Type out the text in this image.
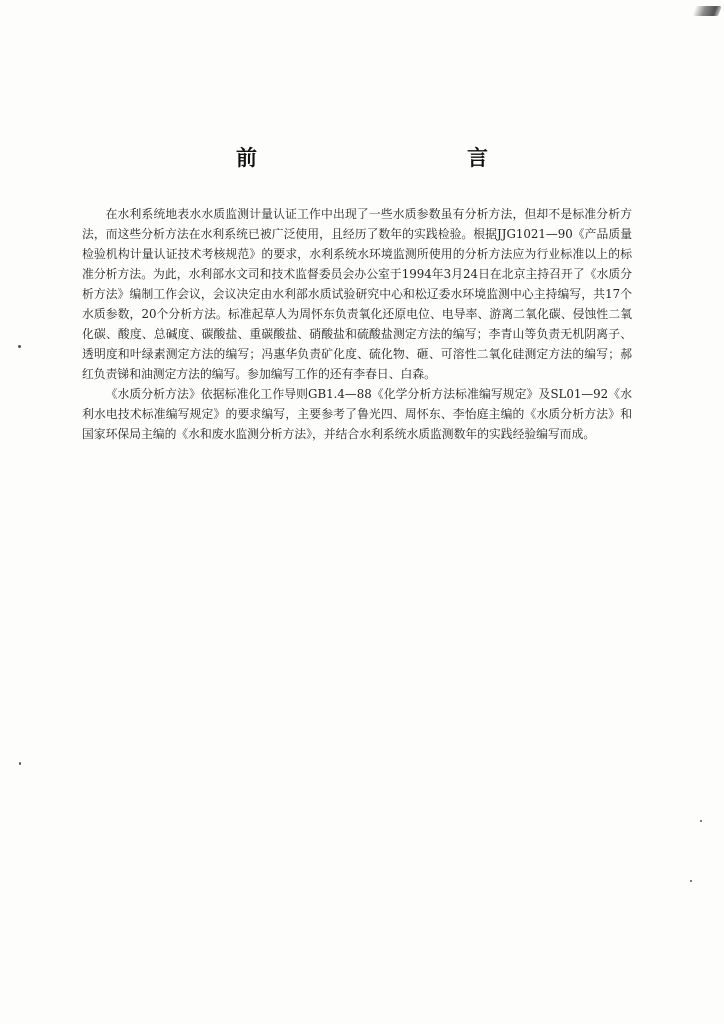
前　　言

在水利系统地表水水质监测计量认证工作中出现了一些水质参数虽有分析方法，但却不是标准分析方法，而这些分析方法在水利系统已被广泛使用，且经历了数年的实践检验。根据JJG1021—90《产品质量检验机构计量认证技术考核规范》的要求，水利系统水环境监测所使用的分析方法应为行业标准以上的标准分析方法。为此，水利部水文司和技术监督委员会办公室于1994年3月24日在北京主持召开了《水质分析方法》编制工作会议，会议决定由水利部水质试验研究中心和松辽委水环境监测中心主持编写，共17个水质参数，20个分析方法。标准起草人为周怀东负责氧化还原电位、电导率、游离二氧化碳、侵蚀性二氧化碳、酸度、总碱度、碳酸盐、重碳酸盐、硝酸盐和硫酸盐测定方法的编写；李青山等负责无机阴离子、透明度和叶绿素测定方法的编写；冯惠华负责矿化度、硫化物、砸、可溶性二氧化硅测定方法的编写；郝红负责锑和油测定方法的编写。参加编写工作的还有李春日、白森。

《水质分析方法》依据标准化工作导则GB1.4—88《化学分析方法标准编写规定》及SL01—92《水利水电技术标准编写规定》的要求编写，主要参考了鲁光四、周怀东、李怡庭主编的《水质分析方法》和国家环保局主编的《水和废水监测分析方法》，并结合水利系统水质监测数年的实践经验编写而成。
